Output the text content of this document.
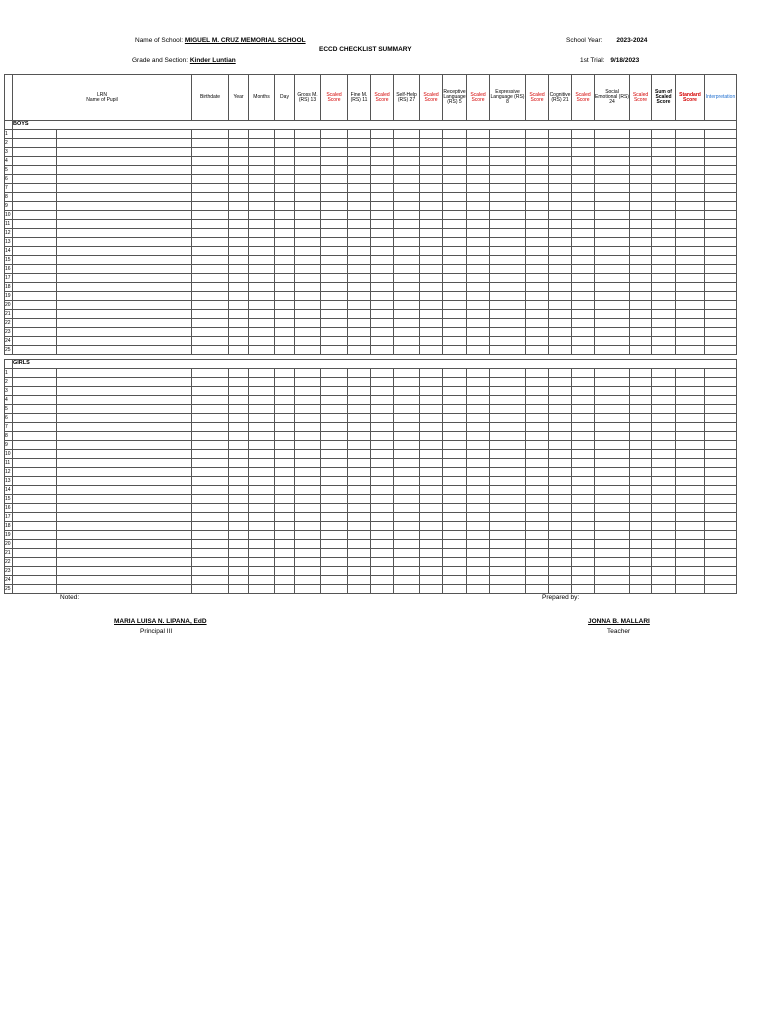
Name of School: MIGUEL M. CRUZ MEMORIAL SCHOOL
ECCD CHECKLIST SUMMARY
Grade and Section: Kinder Luntian
School Year: 2023-2024
1st Trial: 9/18/2023
	LRN Name of Pupil		Birthdate	Year	Months	Day	Gross M. (RS) 13	Scaled Score	Fine M. (RS) 11	Scaled Score	Self-Help (RS) 27	Scaled Score	Receptive Language (RS) 5	Scaled Score	Expressive Language (RS) 8	Scaled Score	Cognitive (RS) 21	Scaled Score	Social Emotional (RS) 24	Scaled Score	Sum of Scaled Score	Standard Score	Interpretation
	BOYS																						
1																							
2																							
3																							
4																							
5																							
6																							
7																							
8																							
9																							
10																							
11																							
12																							
13																							
14																							
15																							
16																							
17																							
18																							
19																							
20																							
21																							
22																							
23																							
24																							
25																							

	GIRLS																						
1																							
2																							
3																							
4																							
5																							
6																							
7																							
8																							
9																							
10																							
11																							
12																							
13																							
14																							
15																							
16																							
17																							
18																							
19																							
20																							
21																							
22																							
23																							
24																							
25																							
Noted:	Prepared by:
MARIA LUISA N. LIPANA, EdD
Principal III
JONNA B. MALLARI
Teacher
